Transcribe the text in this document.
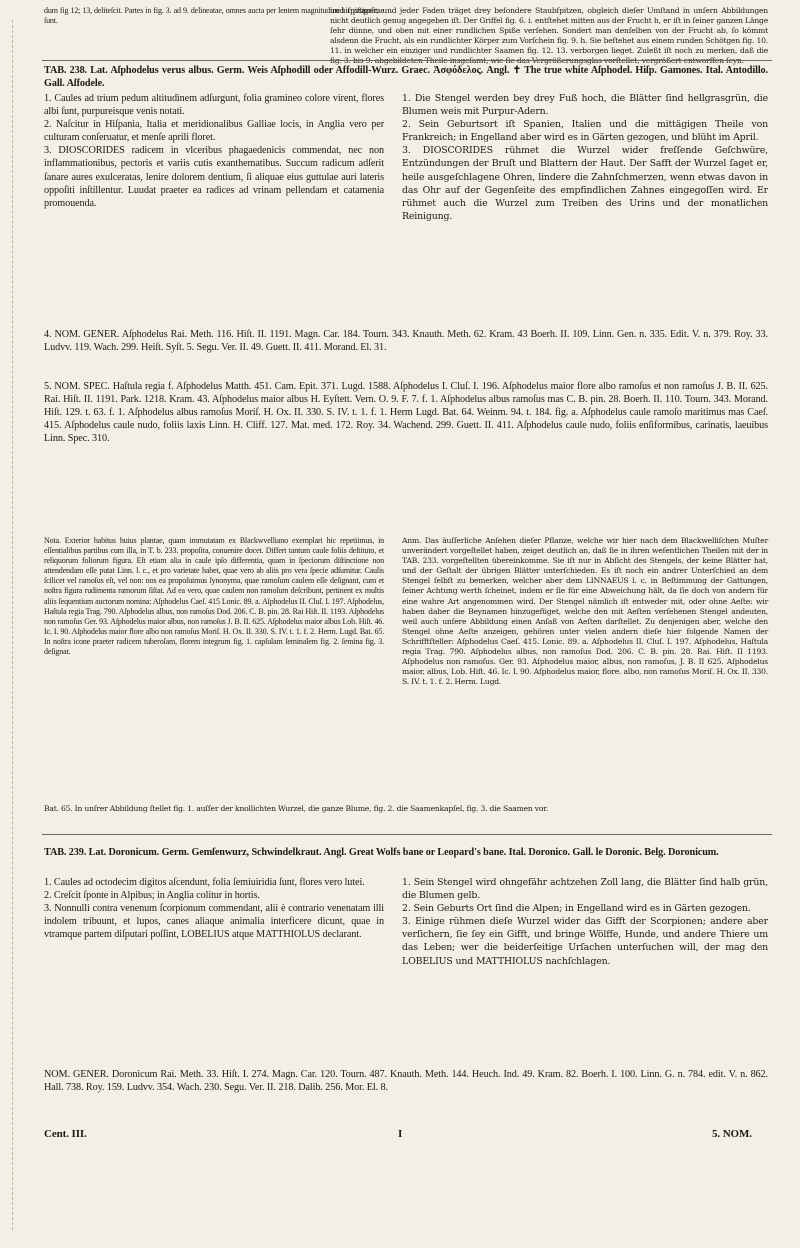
dum fig 12; 13, deliteſcit. Partes in fig. 3. ad 9. delineatae, omnes aucta per lentem magnitudine hic propoſitae ſunt.

und ſpißiger; und jeder Faden träget drey beſondere Staubſpitzen, obgleich dieſer Umſtand in unſern Abbildungen nicht deutlich genug angegeben iſt. Der Griffel fig. 6. i. entſtehet mitten aus der Frucht h, er iſt in ſeiner ganzen Länge ſehr dünne, und oben mit einer rundlichen Spiße verſehen. Sondert man denſelben von der Frucht ab, ſo kömmt alsdenn die Frucht, als ein rundlichter Körper zum Vorſchein fig. 9. h. Sie beſtehet aus einem runden Schötgen fig. 10. 11. in welcher ein einziger und rundlichter Saamen fig. 12. 13. verborgen lieget. Zuleßt iſt noch zu merken, daß die fig. 3. bis 9. abgebildeten Theile insgeſamt, wie ſie das Vergrößerungsglas vorſtellet, vergrößert entworffen ſeyn.

TAB. 238. Lat. Aſphodelus verus albus. Germ. Weis Aſphodill oder Affodill-Wurz. Graec. Ἀσφόδελος. Angl. ✝ The true white Aſphodel. Hiſp. Gamones. Ital. Antodillo. Gall. Aſfodele.

1. Caules ad trium pedum altitudinem adſurgunt, folia gramineo colore virent, flores albi ſunt, purpureisque venis notati.

2. Naſcitur in Hiſpania, Italia et meridionalibus Galliae locis, in Anglia vero per culturam conſeruatur, et menſe aprili floret.

3. DIOSCORIDES radicem in vlceribus phagaedenicis commendat, nec non inflammationibus, pectoris et variis cutis exanthematibus. Succum radicum adſerit ſanare aures exulceratas, lenire dolorem dentium, ſi aliquae eius guttulae auri lateris oppoſiti inſtillentur. Luudat praeter ea radices ad vrinam pellendam et catamenia promouenda.

1. Die Stengel werden bey drey Fuß hoch, die Blätter ſind hellgrasgrün, die Blumen weis mit Purpur-Adern.

2. Sein Geburtsort iſt Spanien, Italien und die mittägigen Theile von Frankreich; in Engelland aber wird es in Gärten gezogen, und blüht im April.

3. DIOSCORIDES rühmet die Wurzel wider freſſende Geſchwüre, Entzündungen der Bruſt und Blattern der Haut. Der Safft der Wurzel ſaget er, heile ausgeſchlagene Ohren, lindere die Zahnſchmerzen, wenn etwas davon in das Ohr auf der Gegenſeite des empfindlichen Zahnes eingegoſſen wird. Er rühmet auch die Wurzel zum Treiben des Urins und der monatlichen Reinigung.

4. NOM. GENER. Aſphodelus Rai. Meth. 116. Hiſt. II. 1191. Magn. Car. 184. Tourn. 343. Knauth. Meth. 62. Kram. 43 Boerh. II. 109. Linn. Gen. n. 335. Edit. V. n. 379. Roy. 33. Ludvv. 119. Wach. 299. Heiſt. Syſt. 5. Segu. Ver. II. 49. Guett. II. 411. Morand. El. 31.

5. NOM. SPEC. Haſtula regia f. Aſphodelus Matth. 451. Cam. Epit. 371. Lugd. 1588. Aſphodelus I. Cluſ. I. 196. Aſphodelus maior flore albo ramoſus et non ramoſus J. B. II. 625. Rai. Hiſt. II. 1191. Park. 1218. Kram. 43. Aſphodelus maior albus H. Eyſtett. Vern. O. 9. F. 7. f. 1. Aſphodelus albus ramoſus mas C. B. pin. 28. Boerh. II. 110. Tourn. 343. Morand. Hiſt. 129. t. 63. f. 1. Aſphodelus albus ramoſus Moriſ. H. Ox. II. 330. S. IV. t. 1. f. 1. Herm Lugd. Bat. 64. Weinm. 94. t. 184. fig. a. Aſphodelus caule ramoſo maritimus mas Caeſ. 415. Aſphodelus caule nudo, foliis laxis Linn. H. Cliff. 127. Mat. med. 172. Roy. 34. Wachend. 299. Guett. II. 411. Aſphodelus caule nudo, foliis enſiformibus, carinatis, laeuibus Linn. Spec. 310.

Nota. Exterior habitus huius plantae, quam immutatam ex Blackwvelliano exemplari hic repetiimus, in eſſentialibus partibus cum illa, in T. b. 233. propoſita, conuenire docet. Differt tantum caule foliis deſtituto, et reliquorum foliorum figura. Eſt etiam alia in caule ipſo differentia, quam in ſpeciorum diſtinctione non attendendam eſſe putat Linn. l. c., et pro varietate habet, quae vero ab aliis pro vera ſpecie adſumitur. Caulis ſcilicet vel ramoſus eſt, vel non: nos ea propoſuimus ſynonyma, quae ramoſum caulem eſſe deſignant, cum et noſtra figura rudimenta ramorum ſiſtat. Ad ea vero, quae caulem non ramoſum deſcribunt, pertinent ex multis aliis ſequentium auctorum nomina: Aſphodelus Caeſ. 415 Lonic. 89. a. Aſphodelus II. Cluſ. I. 197. Aſphodelus, Haſtula regia Trag. 790. Aſphodelus albus, non ramoſus Dod. 206. C. B. pin. 28. Rai Hiſt. II. 1193. Aſphodelus non ramoſus Ger. 93. Aſphodelus maior albus, non ramoſus J. B. II. 625. Aſphodelus maior albus Lob. Hiſt. 46. Ic. I. 90. Aſphodelus maior flore albo non ramoſus Moriſ. H. Ox. II. 330. S. IV. t. 1. f. 2. Herm. Lugd. Bat. 65. In noſtra icone praeter radicem tuberoſam, florem integrum fig. 1. capſulam ſeminalem fig. 2. ſemina fig. 3. deſignat.

Anm. Das äuſſerliche Anſehen dieſer Pflanze, welche wir hier nach dem Blackwelliſchen Muſter unverändert vorgeſtellet haben, zeiget deutlich an, daß ſie in ihren weſentlichen Theilen mit der in TAB. 233. vorgeſtellten übereinkomme. Sie iſt nur in Abſicht des Stengels, der keine Blätter hat, und der Geſtalt der übrigen Blätter unterſchieden. Es iſt noch ein andrer Unterſchied an dem Stengel ſelbſt zu bemerken, welcher aber dem LINNAEUS l. c. in Beſtimmung der Gattungen, ſeiner Achtung werth ſcheinet, indem er ſie für eine Abweichung hält, da ſie doch von andern für eine wahre Art angenommen wird. Der Stengel nämlich iſt entweder mit, oder ohne Aeſte: wir haben daher die Beynamen hinzugefüget, welche den mit Aeſten verſehenen Stengel andeuten, weil auch unſere Abbildung einen Anſaß von Aeſten darſtellet. Zu denjenigen aber, welche den Stengel ohne Aeſte anzeigen, gehören unter vielen andern dieſe hier folgende Namen der Schrifftſteller: Aſphodelus Caeſ. 415. Lonic. 89. a. Aſphodelus II. Cluſ. I. 197. Aſphodelus, Haſtula regia Trag. 790. Aſphodelus albus, non ramoſus Dod. 206. C. B. pin. 28. Rai. Hiſt. II 1193. Aſphodelus non ramoſus. Ger. 93. Aſphodelus maior, albus, non ramoſus, J. B. II 625. Aſphodelus maior, albus, Lob. Hiſt. 46. Ic. I. 90. Aſphodelus maior, flore. albo, non ramoſus Moriſ. H. Ox. II. 330. S. IV. t. 1. f. 2. Herm. Lugd.

Bat. 65. In unſrer Abbildung ſtellet fig. 1. auſſer der knollichten Wurzel, die ganze Blume, fig. 2. die Saamenkapſel, fig. 3. die Saamen vor.

TAB. 239. Lat. Doronicum. Germ. Gemſenwurz, Schwindelkraut. Angl. Great Wolfs bane or Leopard's bane. Ital. Doronico. Gall. le Doronic. Belg. Doronicum.

1. Caules ad octodecim digitos aſcendunt, folia ſemiuiridia ſunt, flores vero lutei.

2. Creſcit ſponte in Alpibus; in Anglia colitur in hortis.

3. Nonnulli contra venenum ſcorpionum commendant, alii è contrario venenatam illi indolem tribuunt, et lupos, canes aliaque animalia interficere dicunt, quae in vtramque partem diſputari poſſint, LOBELIUS atque MATTHIOLUS declarant.

1. Sein Stengel wird ohngefähr achtzehen Zoll lang, die Blätter ſind halb grün, die Blumen gelb.

2. Sein Geburts Ort ſind die Alpen; in Engelland wird es in Gärten gezogen.

3. Einige rühmen dieſe Wurzel wider das Gifft der Scorpionen; andere aber verſichern, ſie ſey ein Gifft, und bringe Wölffe, Hunde, und andere Thiere um das Leben; wer die beiderſeitige Urſachen unterſuchen will, der mag den LOBELIUS und MATTHIOLUS nachſchlagen.

NOM. GENER. Doronicum Rai. Meth. 33. Hiſt. I. 274. Magn. Car. 120. Tourn. 487. Knauth. Meth. 144. Heuch. Ind. 49. Kram. 82. Boerh. I. 100. Linn. G. n. 784. edit. V. n. 862. Hall. 738. Roy. 159. Ludvv. 354. Wach. 230. Segu. Ver. II. 218. Dalib. 256. Mor. El. 8.

Cent. III.	I	5. NOM.
